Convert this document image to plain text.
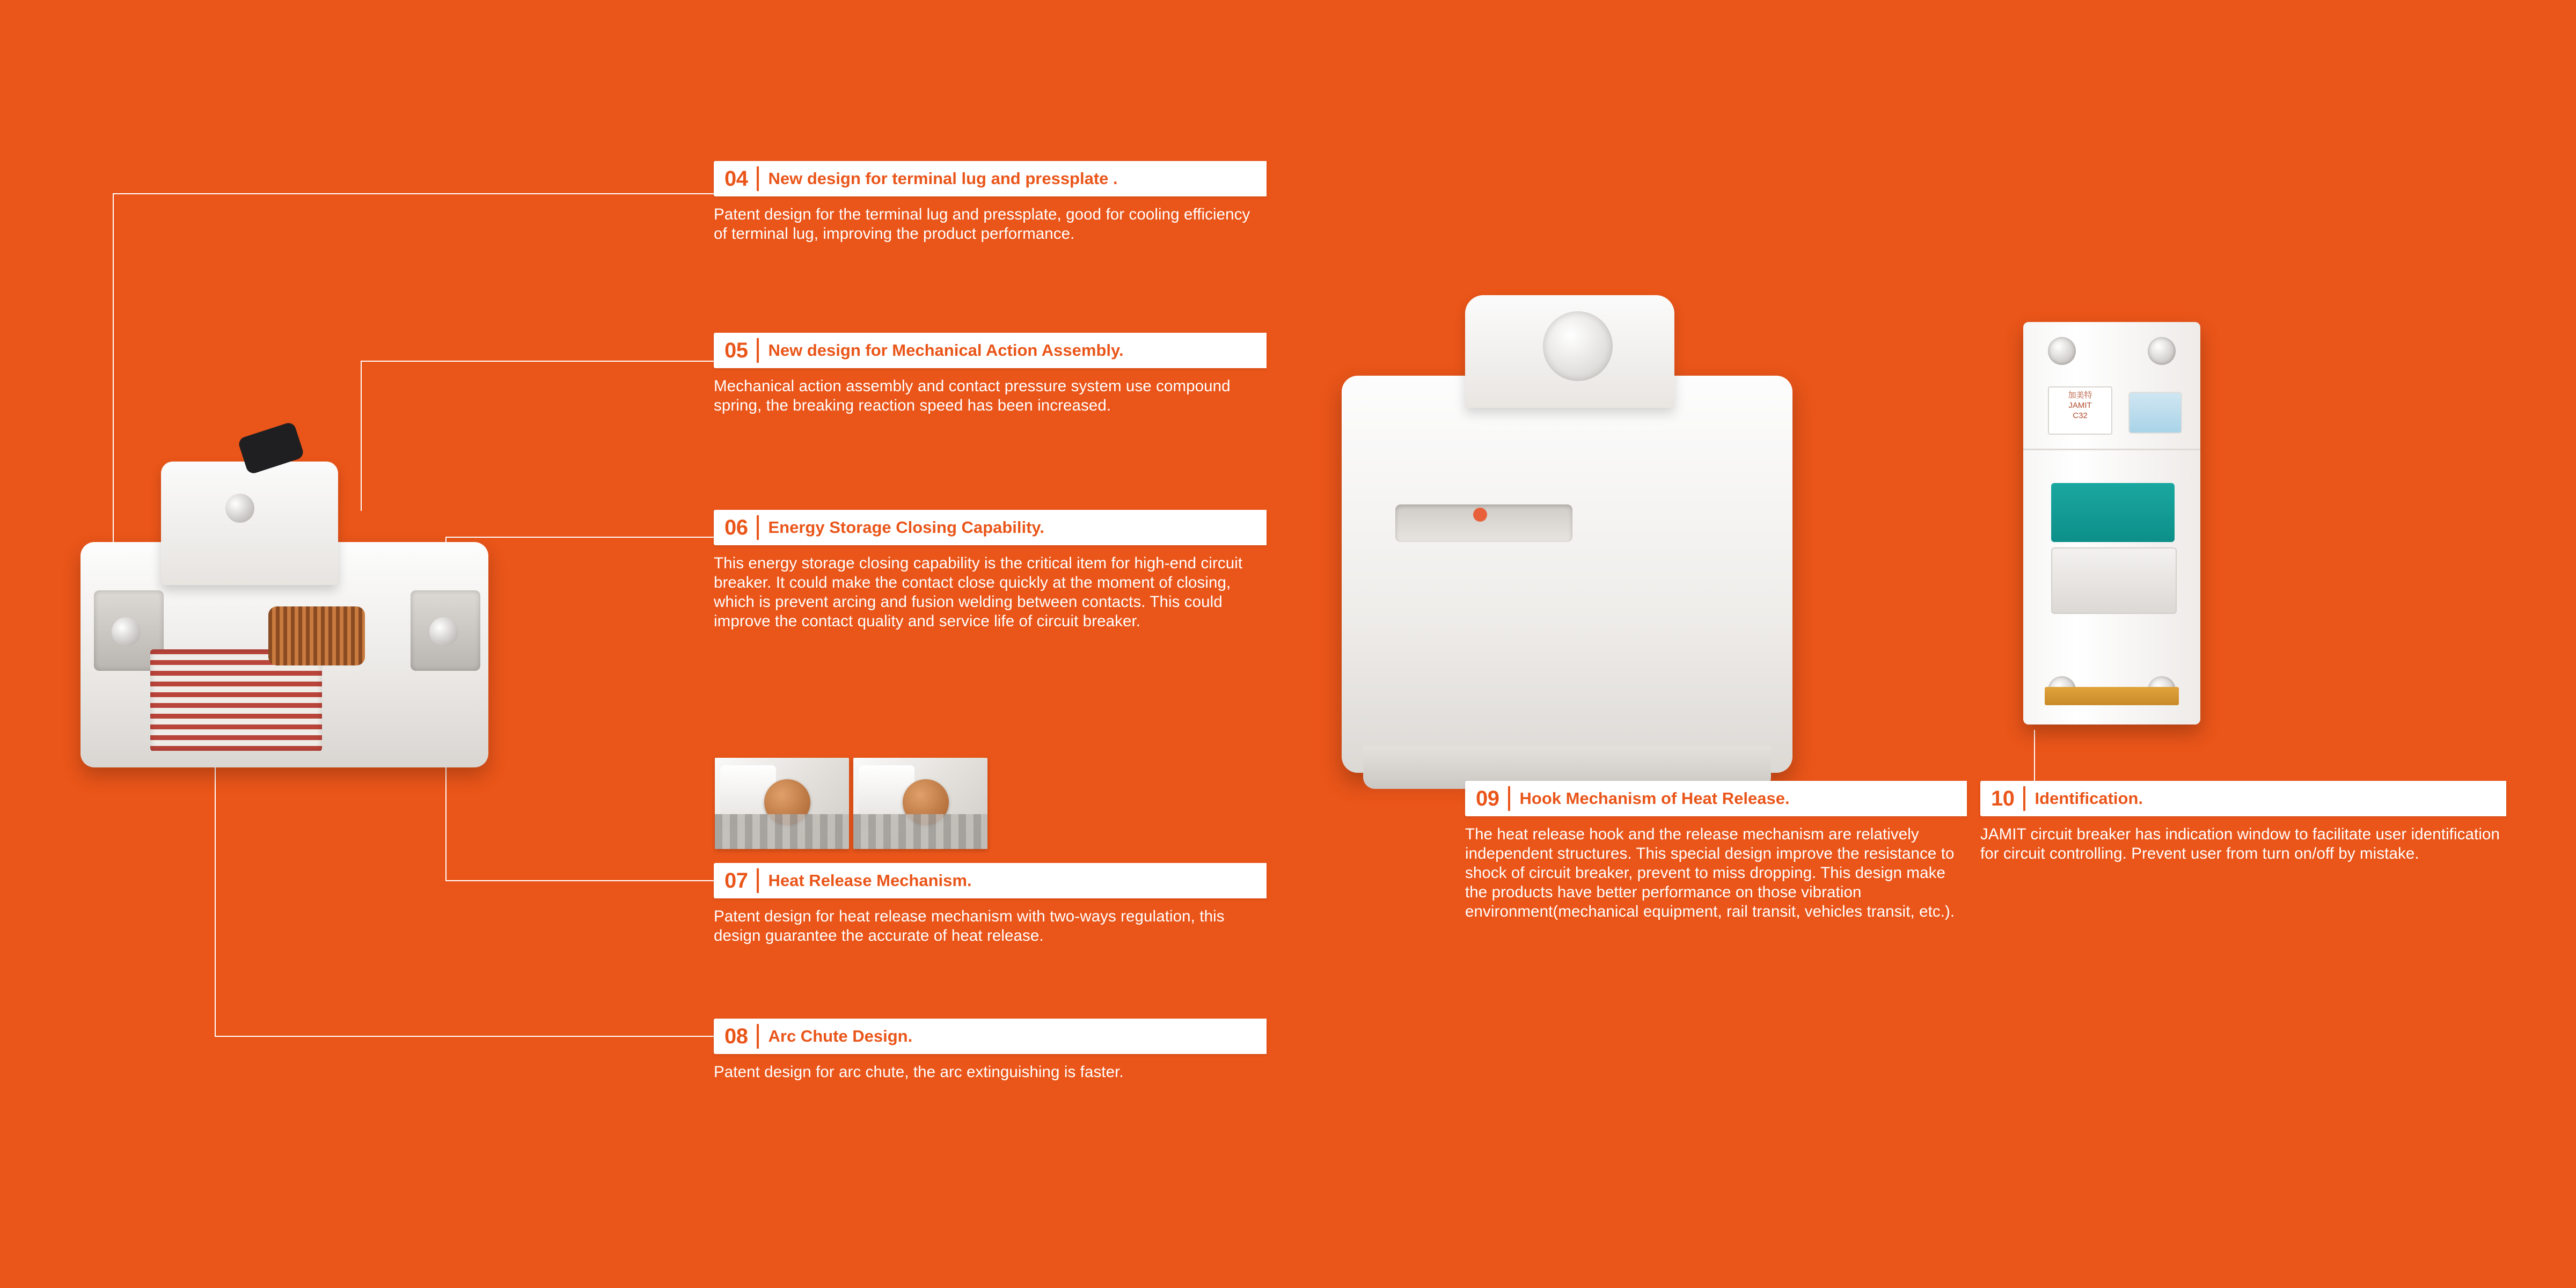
加美特
JAMIT
C32
04	New design for terminal lug and pressplate .

Patent design for the terminal lug and pressplate, good for cooling efficiency of terminal lug, improving the product performance.

05	New design for Mechanical Action Assembly.

Mechanical action assembly and contact pressure system use compound spring, the breaking reaction speed has been increased.

06	Energy Storage Closing Capability.

This energy storage closing capability is the critical item for high-end circuit breaker. It could make the contact close quickly at the moment of closing, which is prevent arcing and fusion welding between contacts. This could improve the contact quality and service life of circuit breaker.

07	Heat Release Mechanism.

Patent design for heat release mechanism with two-ways regulation, this design guarantee the accurate of heat release.

08	Arc Chute Design.

Patent design for arc chute, the arc extinguishing is faster.

09	Hook Mechanism of Heat Release.

The heat release hook and the release mechanism are relatively independent structures. This special design improve the resistance to shock of circuit breaker, prevent to miss dropping. This design make the products have better performance on those vibration environment(mechanical equipment, rail transit, vehicles transit, etc.).

10	Identification.

JAMIT circuit breaker has indication window to facilitate user identification for circuit controlling. Prevent user from turn on/off by mistake.
